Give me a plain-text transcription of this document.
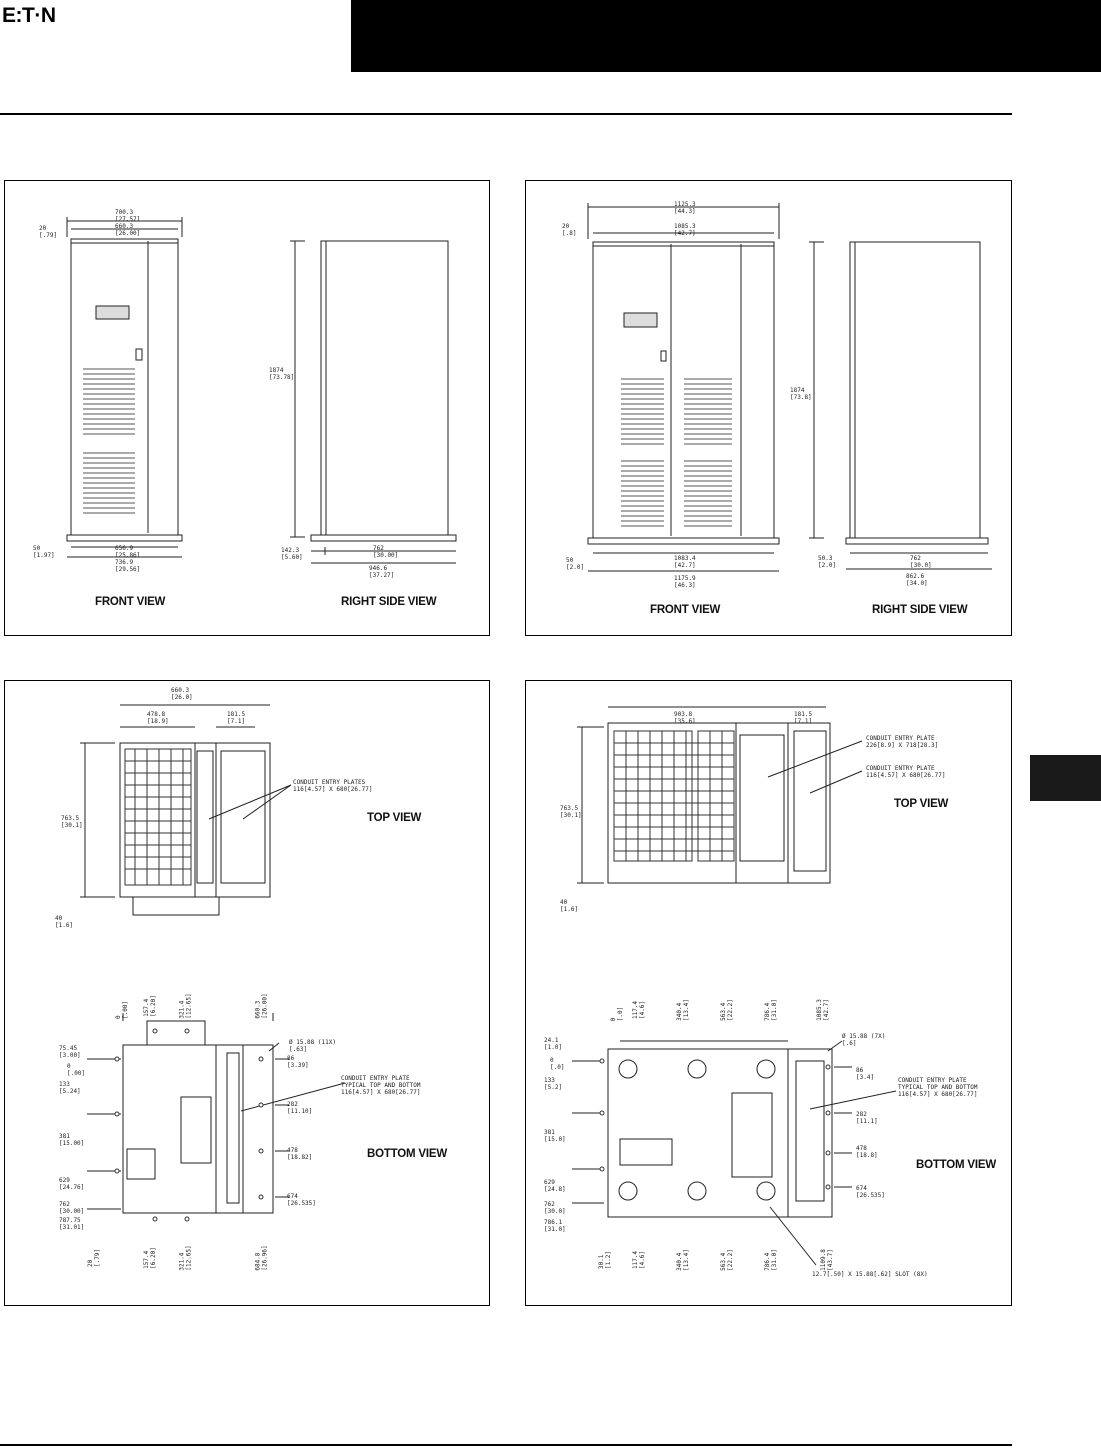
E:T·N
700.3
[27.57]
660.3
[26.00]
20
[.79]
1874
[73.78]
50
[1.97]
656.9
[25.86]
736.9
[29.56]
142.3
[5.60]
762
[30.00]
946.6
[37.27]
FRONT VIEW	RIGHT SIDE VIEW
1125.3
[44.3]
1085.3
[42.7]
20
[.8]
1874
[73.8]
50
[2.0]
1083.4
[42.7]
1175.9
[46.3]
50.3
[2.0]
762
[30.0]
862.6
[34.0]
FRONT VIEW	RIGHT SIDE VIEW
660.3
[26.0]
478.8
[18.9]
181.5
[7.1]
763.5
[30.1]
40
[1.6]
CONDUIT ENTRY PLATES
116[4.57] X 680[26.77]
TOP VIEW
0
[.00] 157.4
[6.20]	321.4
[12.65]	660.3
[26.00]
75.45
[3.00]
0
[.00]
133
[5.24]
381
[15.00]
629
[24.76]
762
[30.00]
787.75
[31.01]
Ø 15.88 (11X)
[.63]
86
[3.39]
CONDUIT ENTRY PLATE
TYPICAL TOP AND BOTTOM
116[4.57] X 680[26.77]
282
[11.10]
478
[18.82]
674
[26.535]
BOTTOM VIEW
20
[.79]	157.4
[6.20]	321.4
[12.65]	684.8
[26.96]
903.8
[35.6]
181.5
[7.1]
763.5
[30.1]
40
[1.6]
CONDUIT ENTRY PLATE
226[8.9] X 718[28.3]
CONDUIT ENTRY PLATE
116[4.57] X 680[26.77]
TOP VIEW
0
[.0] 117.4
[4.6]	340.4
[13.4]	563.4
[22.2]	786.4
[31.0]	1085.3
[42.7]
24.1
[1.0]
0
[.0]
133
[5.2]
381
[15.0]
629
[24.8]
762
[30.0]
786.1
[31.0]
Ø 15.88 (7X)
[.6]
86
[3.4]	CONDUIT ENTRY PLATE
TYPICAL TOP AND BOTTOM
116[4.57] X 680[26.77]
282
[11.1]
478
[18.8]
BOTTOM VIEW
674
[26.535]
30.1
[1.2]	117.4
[4.6]	340.4
[13.4]	563.4
[22.2]	786.4
[31.0]	1109.8
[43.7]
12.7[.50] X 15.88[.62] SLOT (8X)
